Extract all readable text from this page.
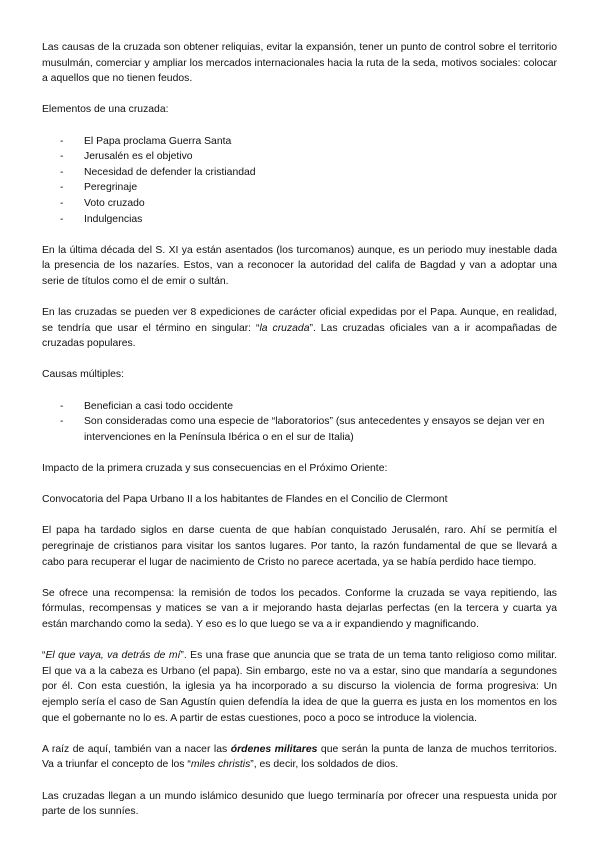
Las causas de la cruzada son obtener reliquias, evitar la expansión, tener un punto de control sobre el territorio musulmán, comerciar y ampliar los mercados internacionales hacia la ruta de la seda, motivos sociales: colocar a aquellos que no tienen feudos.

Elementos de una cruzada:

- El Papa proclama Guerra Santa
- Jerusalén es el objetivo
- Necesidad de defender la cristiandad
- Peregrinaje
- Voto cruzado
- Indulgencias

En la última década del S. XI ya están asentados (los turcomanos) aunque, es un periodo muy inestable dada la presencia de los nazaríes. Estos, van a reconocer la autoridad del califa de Bagdad y van a adoptar una serie de títulos como el de emir o sultán.

En las cruzadas se pueden ver 8 expediciones de carácter oficial expedidas por el Papa. Aunque, en realidad, se tendría que usar el término en singular: “la cruzada”. Las cruzadas oficiales van a ir acompañadas de cruzadas populares.

Causas múltiples:

- Benefician a casi todo occidente
- Son consideradas como una especie de “laboratorios” (sus antecedentes y ensayos se dejan ver en intervenciones en la Península Ibérica o en el sur de Italia)

Impacto de la primera cruzada y sus consecuencias en el Próximo Oriente:

Convocatoria del Papa Urbano II a los habitantes de Flandes en el Concilio de Clermont

El papa ha tardado siglos en darse cuenta de que habían conquistado Jerusalén, raro. Ahí se permitía el peregrinaje de cristianos para visitar los santos lugares. Por tanto, la razón fundamental de que se llevará a cabo para recuperar el lugar de nacimiento de Cristo no parece acertada, ya se había perdido hace tiempo.

Se ofrece una recompensa: la remisión de todos los pecados. Conforme la cruzada se vaya repitiendo, las fórmulas, recompensas y matices se van a ir mejorando hasta dejarlas perfectas (en la tercera y cuarta ya están marchando como la seda). Y eso es lo que luego se va a ir expandiendo y magnificando.

“El que vaya, va detrás de mí”. Es una frase que anuncia que se trata de un tema tanto religioso como militar. El que va a la cabeza es Urbano (el papa). Sin embargo, este no va a estar, sino que mandaría a segundones por él. Con esta cuestión, la iglesia ya ha incorporado a su discurso la violencia de forma progresiva: Un ejemplo sería el caso de San Agustín quien defendía la idea de que la guerra es justa en los momentos en los que el gobernante no lo es. A partir de estas cuestiones, poco a poco se introduce la violencia.

A raíz de aquí, también van a nacer las órdenes militares que serán la punta de lanza de muchos territorios. Va a triunfar el concepto de los “miles christis”, es decir, los soldados de dios.

Las cruzadas llegan a un mundo islámico desunido que luego terminaría por ofrecer una respuesta unida por parte de los sunníes.
